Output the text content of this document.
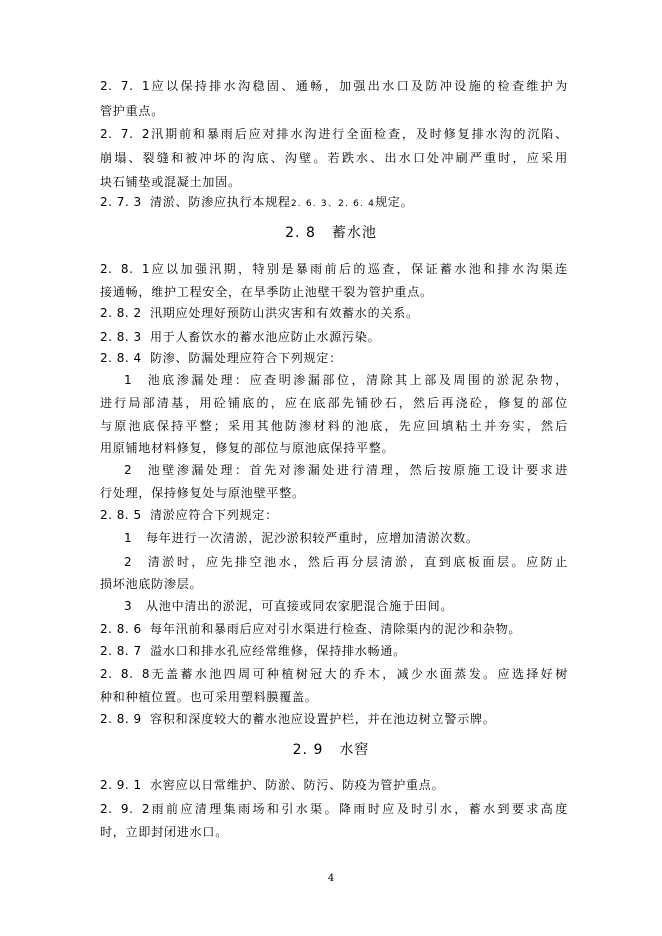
2. 7. 1应以保持排水沟稳固、通畅，加强出水口及防冲设施的检查维护为
管护重点。
2. 7. 2汛期前和暴雨后应对排水沟进行全面检查，及时修复排水沟的沉陷、
崩塌、裂缝和被冲坏的沟底、沟壁。若跌水、出水口处冲刷严重时，应采用
块石铺垫或混凝土加固。
2. 7. 3 清淤、防渗应执行本规程2. 6. 3、2. 6. 4规定。
2. 8 蓄水池
2. 8. 1应以加强汛期，特别是暴雨前后的巡查，保证蓄水池和排水沟渠连
接通畅，维护工程安全，在旱季防止池壁干裂为管护重点。
2. 8. 2 汛期应处理好预防山洪灾害和有效蓄水的关系。
2. 8. 3 用于人畜饮水的蓄水池应防止水源污染。
2. 8. 4 防渗、防漏处理应符合下列规定：
1 池底渗漏处理：应查明渗漏部位，清除其上部及周围的淤泥杂物，
进行局部清基，用砼铺底的，应在底部先铺砂石，然后再浇砼，修复的部位
与原池底保持平整；采用其他防渗材料的池底，先应回填粘土并夯实，然后
用原铺地材料修复，修复的部位与原池底保持平整。
2 池壁渗漏处理：首先对渗漏处进行清理，然后按原施工设计要求进
行处理，保持修复处与原池壁平整。
2. 8. 5 清淤应符合下列规定：
1 每年进行一次清淤，泥沙淤积较严重时，应增加清淤次数。
2 清淤时，应先排空池水，然后再分层清淤，直到底板面层。应防止
损坏池底防渗层。
3 从池中清出的淤泥，可直接或同农家肥混合施于田间。
2. 8. 6 每年汛前和暴雨后应对引水渠进行检查、清除渠内的泥沙和杂物。
2. 8. 7 溢水口和排水孔应经常维修，保持排水畅通。
2. 8. 8无盖蓄水池四周可种植树冠大的乔木，减少水面蒸发。应选择好树
种和种植位置。也可采用塑料膜覆盖。
2. 8. 9 容积和深度较大的蓄水池应设置护栏，并在池边树立警示牌。
2. 9 水窖
2. 9. 1 水窖应以日常维护、防淤、防污、防疫为管护重点。
2. 9. 2雨前应清理集雨场和引水渠。降雨时应及时引水，蓄水到要求高度
时，立即封闭进水口。
4
